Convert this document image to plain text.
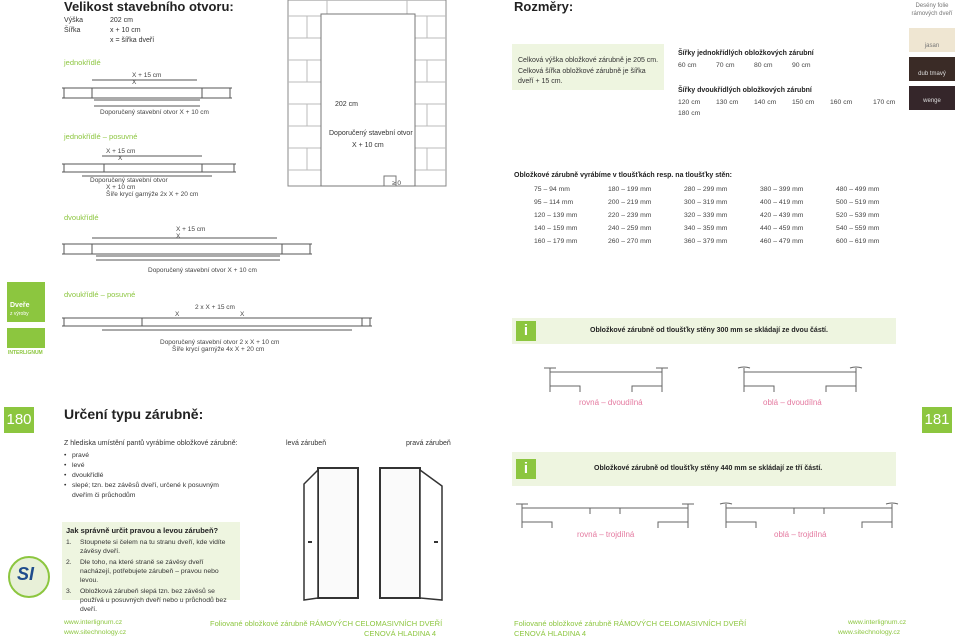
Velikost stavebního otvoru:
Výška	202 cm
Šířka	x + 10 cm
x = šířka dveří
jednokřídlé
jednokřídlé – posuvné
dvoukřídlé
dvoukřídlé – posuvné
X + 15 cm
X
Doporučený stavební otvor X + 10 cm
X + 15 cm
X
Doporučený stavební otvor
X + 10 cm
Šíře krycí garnýže 2x X + 20 cm
X + 15 cm
X
Doporučený stavební otvor X + 10 cm
2 x X + 15 cm
X	X
Doporučený stavební otvor 2 x X + 10 cm
Šíře krycí garnýže 4x X + 20 cm
202 cm
Doporučený stavební otvor
X + 10 cm
≥ 0
Dveře
z výroby
INTERLIGNUM
180 Určení typu zárubně:
Z hlediska umístění pantů vyrábíme obložkové zárubně:
• pravé
• levé
• dvoukřídlé
• slepé; tzn. bez závěsů dveří, určené k posuvným dveřím či průchodům
levá zárubeň	pravá zárubeň
Jak správně určit pravou a levou zárubeň?
1. Stoupnete si čelem na tu stranu dveří, kde vidíte závěsy dveří.
2. Dle toho, na které straně se závěsy dveří nacházejí, potřebujete zárubeň – pravou nebo levou.
3. Obložková zárubeň slepá tzn. bez závěsů se používá u posuvných dveří nebo u průchodů bez dveří.
SI
www.interlignum.cz
www.sitechnology.cz
Foliované obložkové zárubně RÁMOVÝCH CELOMASIVNÍCH DVEŘÍ
CENOVÁ HLADINA 4
Rozměry:
Celková výška obložkové zárubně je 205 cm.
Celková šířka obložkové zárubně je šířka dveří + 15 cm.
Šířky jednokřídlých obložkových zárubní
60 cm	70 cm	80 cm	90 cm
Šířky dvoukřídlých obložkových zárubní
120 cm 130 cm 140 cm 150 cm 160 cm	170 cm
180 cm
Desény folie rámových dveří
jasan
dub tmavý
wenge
Obložkové zárubně vyrábíme v tloušťkách resp. na tloušťky stěn:
75 – 94 mm	180 – 199 mm	280 – 299 mm	380 – 399 mm	480 – 499 mm
95 – 114 mm	200 – 219 mm	300 – 319 mm	400 – 419 mm	500 – 519 mm
120 – 139 mm	220 – 239 mm	320 – 339 mm	420 – 439 mm	520 – 539 mm
140 – 159 mm	240 – 259 mm	340 – 359 mm	440 – 459 mm	540 – 559 mm
160 – 179 mm	260 – 270 mm	360 – 379 mm	460 – 479 mm	600 – 619 mm
i	Obložkové zárubně od tloušťky stěny 300 mm se skládají ze dvou částí.
rovná – dvoudílná	oblá – dvoudílná
181
i	Obložkové zárubně od tloušťky stěny 440 mm se skládají ze tří částí.
rovná – trojdílná	oblá – trojdílná
Foliované obložkové zárubně RÁMOVÝCH CELOMASIVNÍCH DVEŘÍ
CENOVÁ HLADINA 4
www.interlignum.cz
www.sitechnology.cz
